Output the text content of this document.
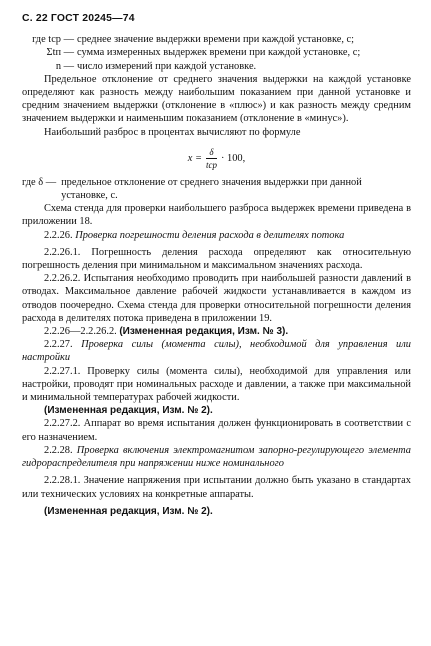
С. 22 ГОСТ 20245—74
где tср — среднее значение выдержки времени при каждой установке, с;
Σtп — сумма измеренных выдержек времени при каждой установке, с;
n — число измерений при каждой установке.

Предельное отклонение от среднего значения выдержки на каждой установке определяют как разность между наибольшим показанием при данной установке и средним значением выдержки (отклонение в «плюс») и как разность между средним значением выдержки и наименьшим показанием (отклонение в «минус»).

Наибольший разброс в процентах вычисляют по формуле

$x = \frac{\delta}{\text{tср}} \cdot 100$,
где δ — предельное отклонение от среднего значения выдержки при данной установке, с.

Схема стенда для проверки наибольшего разброса выдержек времени приведена в приложении 18.

2.2.26. Проверка погрешности деления расхода в делителях потока

2.2.26.1. Погрешность деления расхода определяют как относительную погрешность деления при минимальном и максимальном значениях расхода.

2.2.26.2. Испытания необходимо проводить при наибольшей разности давлений в отводах. Максимальное давление рабочей жидкости устанавливается в каждом из отводов поочередно. Схема стенда для проверки относительной погрешности деления расхода в делителях потока приведена в приложении 19.

2.2.26—2.2.26.2. (Измененная редакция, Изм. № 3).

2.2.27. Проверка силы (момента силы), необходимой для управления или настройки

2.2.27.1. Проверку силы (момента силы), необходимой для управления или настройки, проводят при номинальных расходе и давлении, а также при максимальной и минимальной температурах рабочей жидкости.

(Измененная редакция, Изм. № 2).

2.2.27.2. Аппарат во время испытания должен функционировать в соответствии с его назначением.

2.2.28. Проверка включения электромагнитом запорно-регулирующего элемента гидрораспределителя при напряжении ниже номинального

2.2.28.1. Значение напряжения при испытании должно быть указано в стандартах или технических условиях на конкретные аппараты.

(Измененная редакция, Изм. № 2).
